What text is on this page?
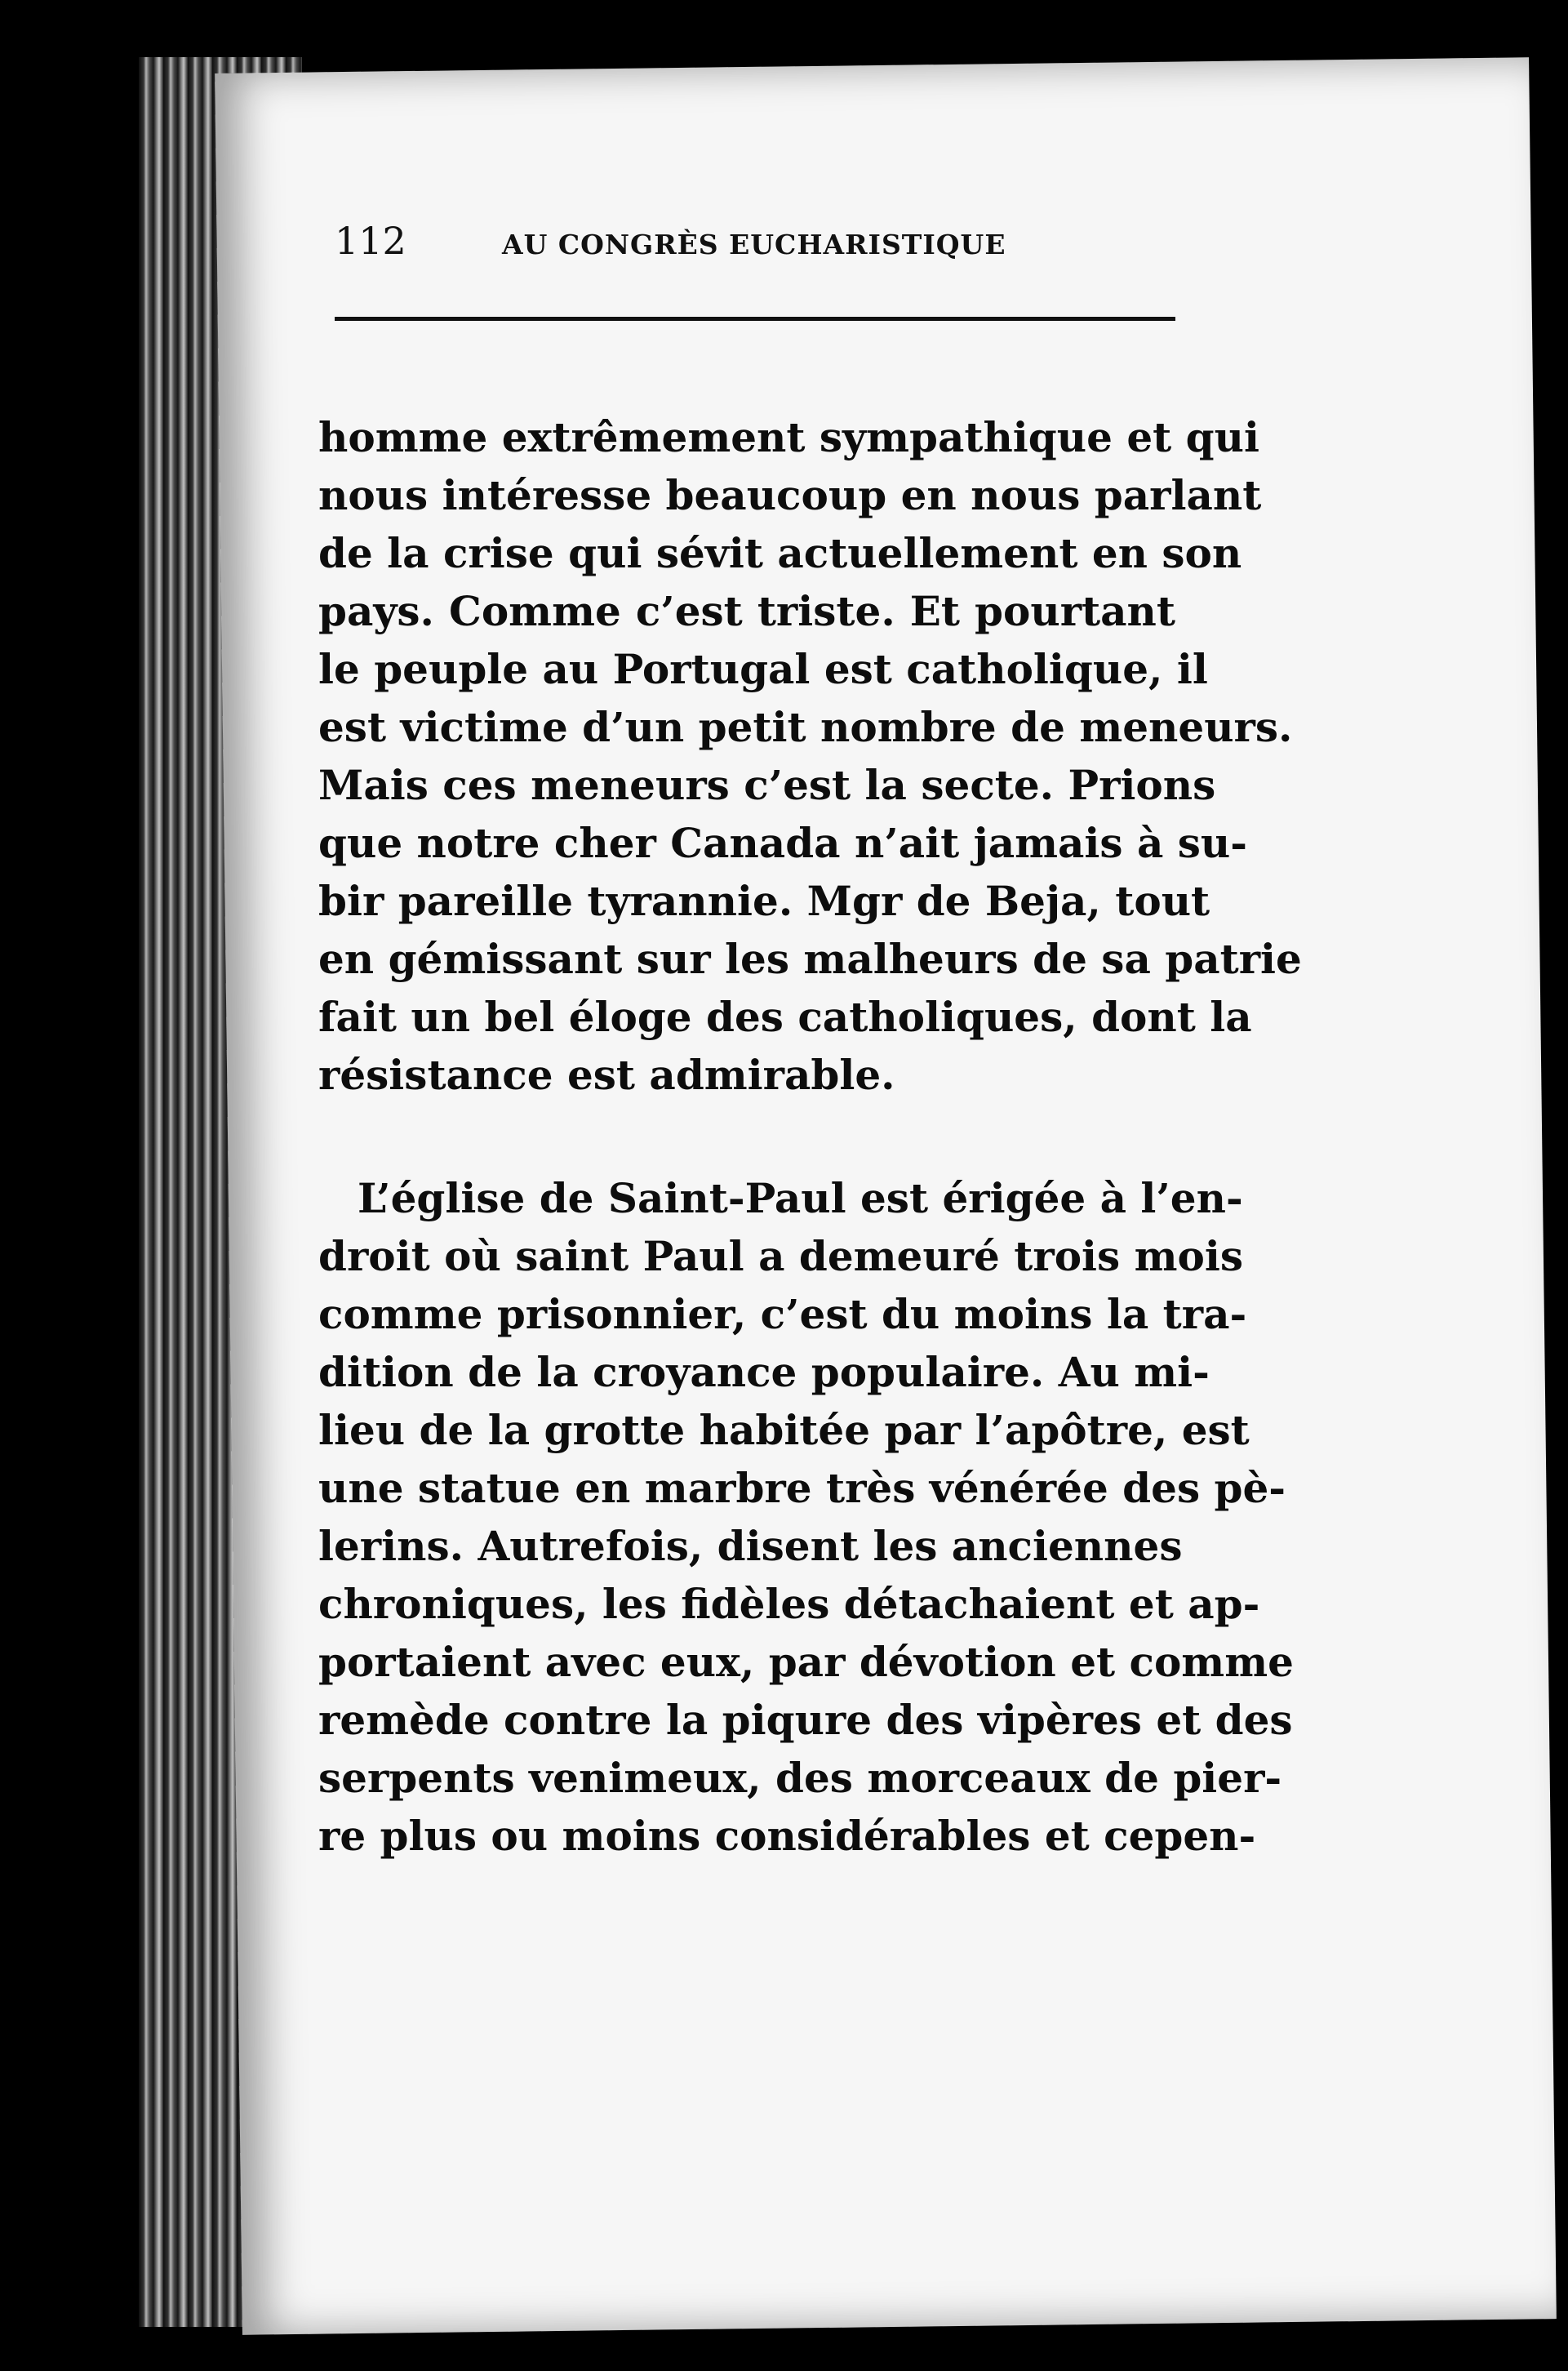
112	AU CONGRÈS EUCHARISTIQUE
homme extrêmement sympathique et qui
nous intéresse beaucoup en nous parlant
de la crise qui sévit actuellement en son
pays. Comme c’est triste. Et pourtant
le peuple au Portugal est catholique, il
est victime d’un petit nombre de meneurs.
Mais ces meneurs c’est la secte. Prions
que notre cher Canada n’ait jamais à su-
bir pareille tyrannie. Mgr de Beja, tout
en gémissant sur les malheurs de sa patrie
fait un bel éloge des catholiques, dont la
résistance est admirable.
L’église de Saint-Paul est érigée à l’en-
droit où saint Paul a demeuré trois mois
comme prisonnier, c’est du moins la tra-
dition de la croyance populaire. Au mi-
lieu de la grotte habitée par l’apôtre, est
une statue en marbre très vénérée des pè-
lerins. Autrefois, disent les anciennes
chroniques, les fidèles détachaient et ap-
portaient avec eux, par dévotion et comme
remède contre la piqure des vipères et des
serpents venimeux, des morceaux de pier-
re plus ou moins considérables et cepen-
